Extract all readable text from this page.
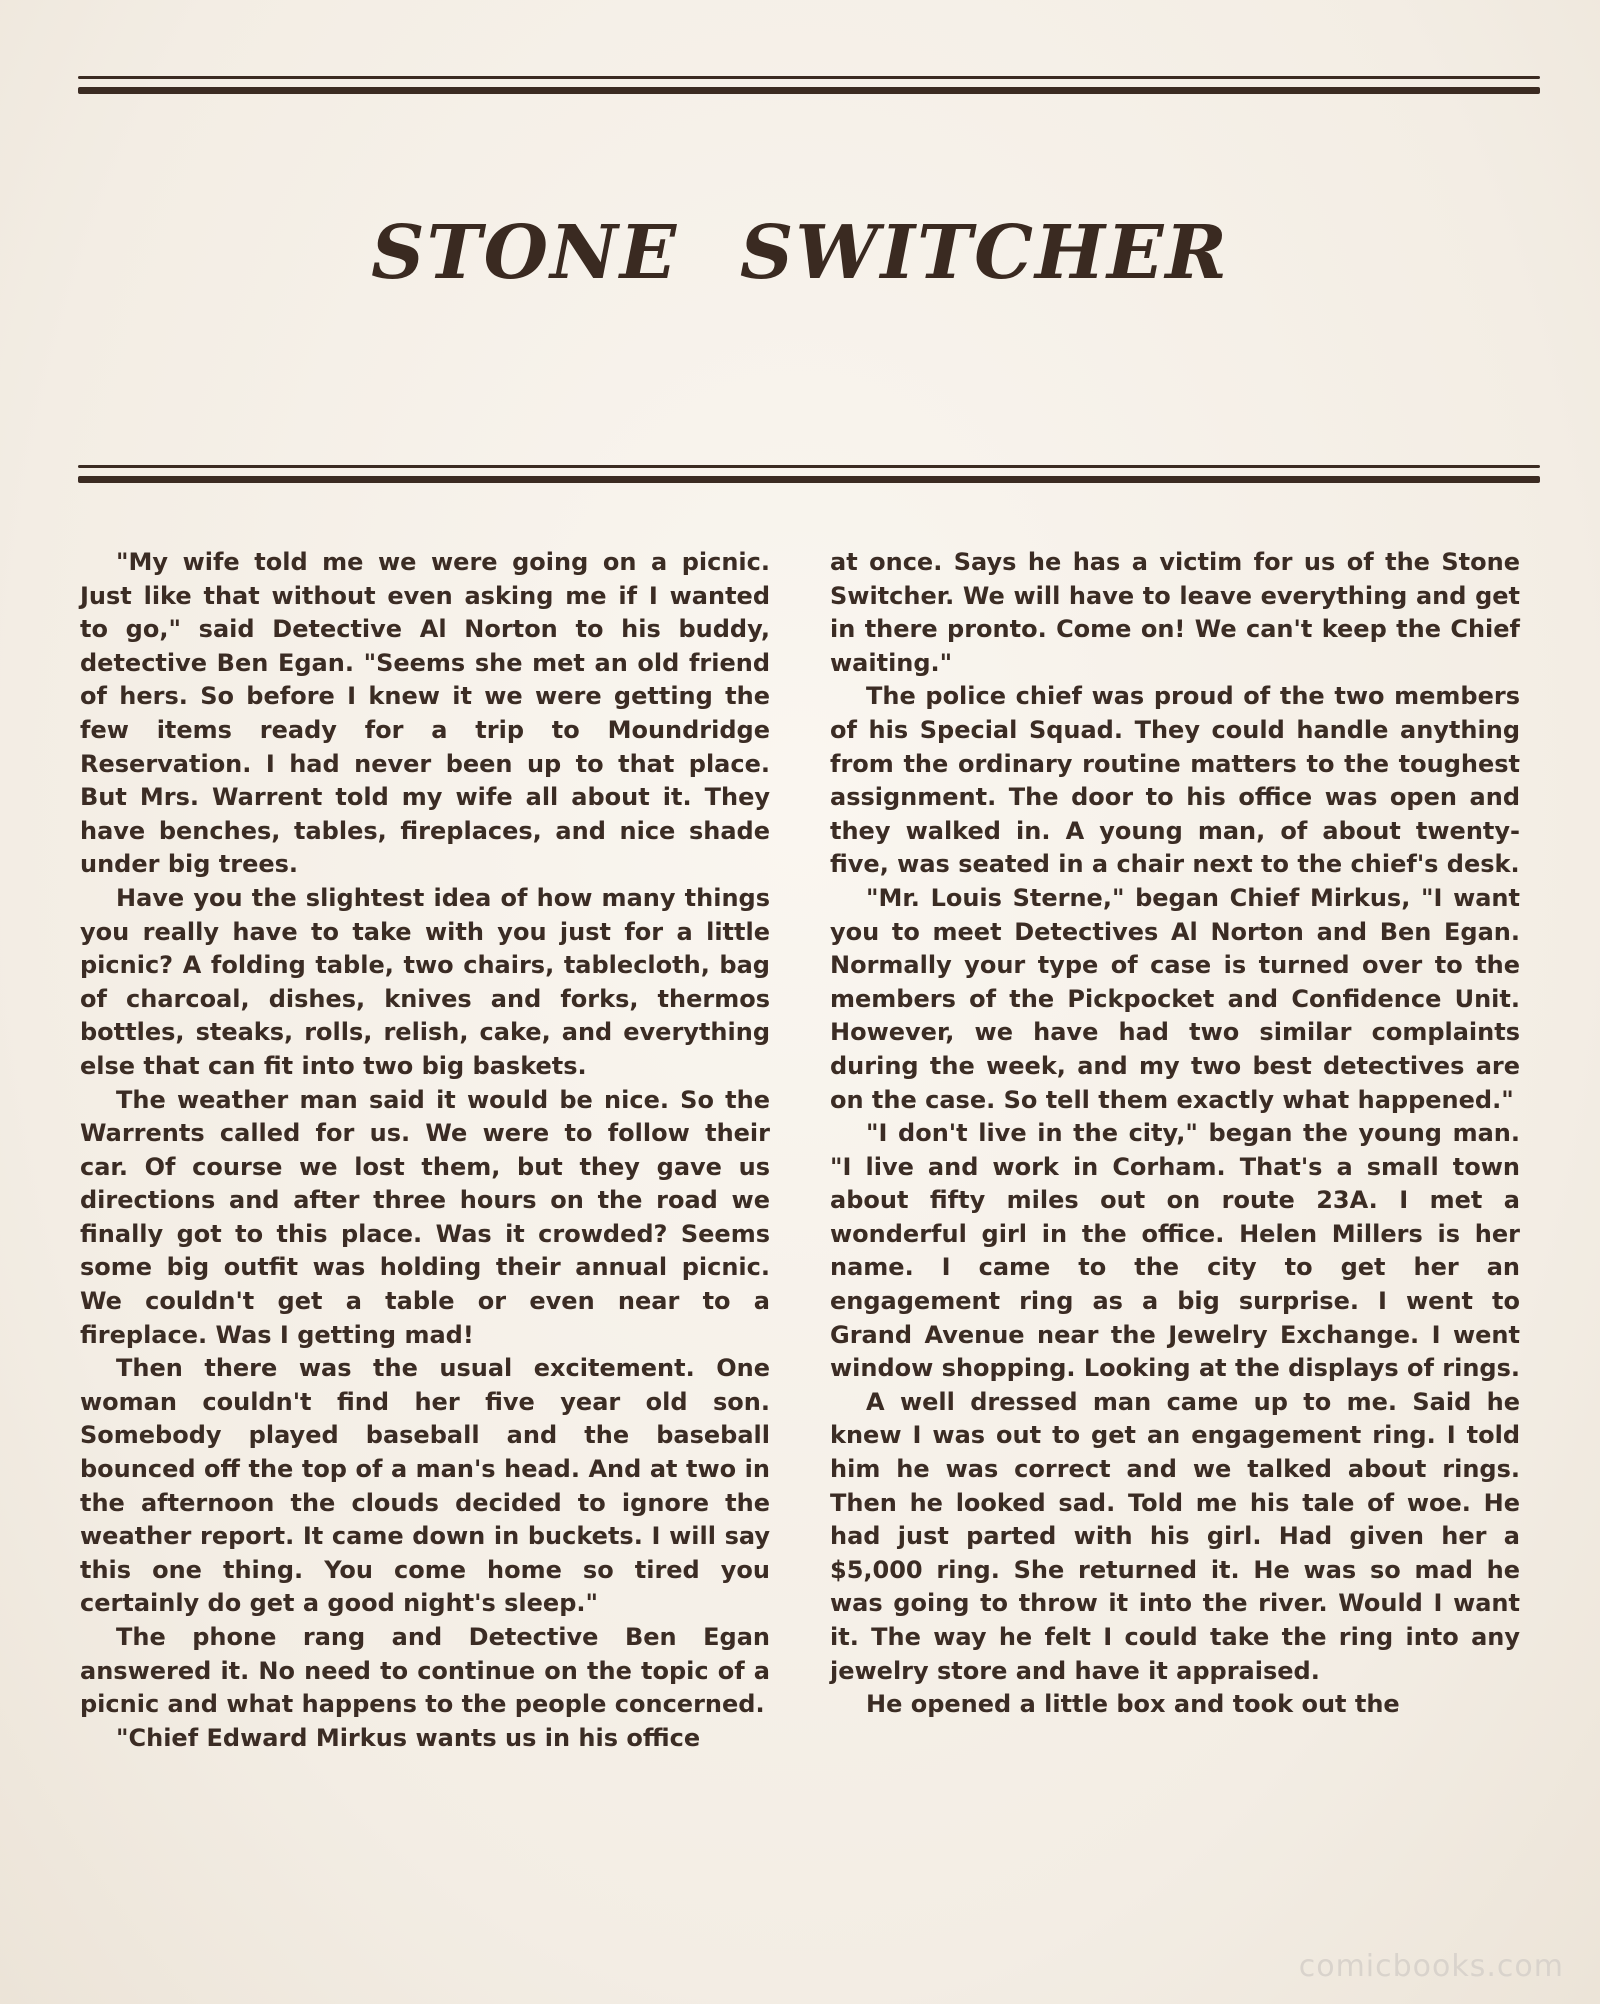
STONE SWITCHER

"My wife told me we were going on a picnic. Just like that without even asking me if I wanted to go," said Detective Al Norton to his buddy, detective Ben Egan. "Seems she met an old friend of hers. So before I knew it we were getting the few items ready for a trip to Moundridge Reservation. I had never been up to that place. But Mrs. Warrent told my wife all about it. They have benches, tables, fireplaces, and nice shade under big trees.

Have you the slightest idea of how many things you really have to take with you just for a little picnic? A folding table, two chairs, tablecloth, bag of charcoal, dishes, knives and forks, thermos bottles, steaks, rolls, relish, cake, and everything else that can fit into two big baskets.

The weather man said it would be nice. So the Warrents called for us. We were to follow their car. Of course we lost them, but they gave us directions and after three hours on the road we finally got to this place. Was it crowded? Seems some big outfit was holding their annual picnic. We couldn't get a table or even near to a fireplace. Was I getting mad!

Then there was the usual excitement. One woman couldn't find her five year old son. Somebody played baseball and the baseball bounced off the top of a man's head. And at two in the afternoon the clouds decided to ignore the weather report. It came down in buckets. I will say this one thing. You come home so tired you certainly do get a good night's sleep."

The phone rang and Detective Ben Egan answered it. No need to continue on the topic of a picnic and what happens to the people concerned.

"Chief Edward Mirkus wants us in his office

at once. Says he has a victim for us of the Stone Switcher. We will have to leave everything and get in there pronto. Come on! We can't keep the Chief waiting."

The police chief was proud of the two members of his Special Squad. They could handle anything from the ordinary routine matters to the toughest assignment. The door to his office was open and they walked in. A young man, of about twenty-five, was seated in a chair next to the chief's desk.

"Mr. Louis Sterne," began Chief Mirkus, "I want you to meet Detectives Al Norton and Ben Egan. Normally your type of case is turned over to the members of the Pickpocket and Confidence Unit. However, we have had two similar complaints during the week, and my two best detectives are on the case. So tell them exactly what happened."

"I don't live in the city," began the young man. "I live and work in Corham. That's a small town about fifty miles out on route 23A. I met a wonderful girl in the office. Helen Millers is her name. I came to the city to get her an engagement ring as a big surprise. I went to Grand Avenue near the Jewelry Exchange. I went window shopping. Looking at the displays of rings.

A well dressed man came up to me. Said he knew I was out to get an engagement ring. I told him he was correct and we talked about rings. Then he looked sad. Told me his tale of woe. He had just parted with his girl. Had given her a $5,000 ring. She returned it. He was so mad he was going to throw it into the river. Would I want it. The way he felt I could take the ring into any jewelry store and have it appraised.

He opened a little box and took out the

comicbooks.com
